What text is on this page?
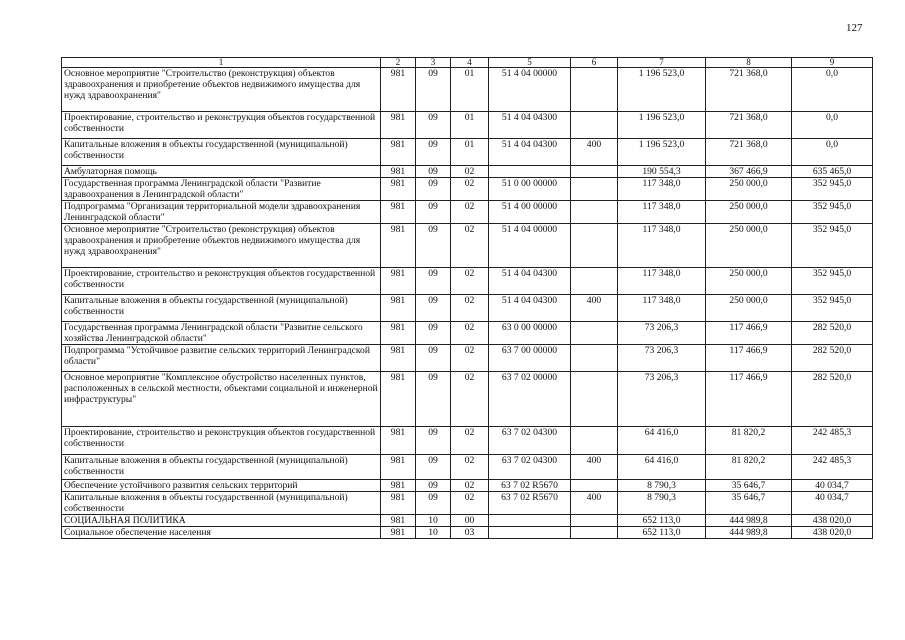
127
1	2	3	4	5	6	7	8	9
Основное мероприятие "Строительство (реконструкция) объектов здравоохранения и приобретение объектов недвижимого имущества для нужд здравоохранения"	981	09	01	51 4 04 00000		1 196 523,0	721 368,0	0,0
Проектирование, строительство и реконструкция объектов государственной собственности	981	09	01	51 4 04 04300		1 196 523,0	721 368,0	0,0
Капитальные вложения в объекты государственной (муниципальной) собственности	981	09	01	51 4 04 04300	400	1 196 523,0	721 368,0	0,0
Амбулаторная помощь	981	09	02			190 554,3	367 466,9	635 465,0
Государственная программа Ленинградской области "Развитие здравоохранения в Ленинградской области"	981	09	02	51 0 00 00000		117 348,0	250 000,0	352 945,0
Подпрограмма "Организация территориальной модели здравоохранения Ленинградской области"	981	09	02	51 4 00 00000		117 348,0	250 000,0	352 945,0
Основное мероприятие "Строительство (реконструкция) объектов здравоохранения и приобретение объектов недвижимого имущества для нужд здравоохранения"	981	09	02	51 4 04 00000		117 348,0	250 000,0	352 945,0
Проектирование, строительство и реконструкция объектов государственной собственности	981	09	02	51 4 04 04300		117 348,0	250 000,0	352 945,0
Капитальные вложения в объекты государственной (муниципальной) собственности	981	09	02	51 4 04 04300	400	117 348,0	250 000,0	352 945,0
Государственная программа Ленинградской области "Развитие сельского хозяйства Ленинградской области"	981	09	02	63 0 00 00000		73 206,3	117 466,9	282 520,0
Подпрограмма "Устойчивое развитие сельских территорий Ленинградской области"	981	09	02	63 7 00 00000		73 206,3	117 466,9	282 520,0
Основное мероприятие "Комплексное обустройство населенных пунктов, расположенных в сельской местности, объектами социальной и инженерной инфраструктуры"	981	09	02	63 7 02 00000		73 206,3	117 466,9	282 520,0
Проектирование, строительство и реконструкция объектов государственной собственности	981	09	02	63 7 02 04300		64 416,0	81 820,2	242 485,3
Капитальные вложения в объекты государственной (муниципальной) собственности	981	09	02	63 7 02 04300	400	64 416,0	81 820,2	242 485,3
Обеспечение устойчивого развития сельских территорий	981	09	02	63 7 02 R5670		8 790,3	35 646,7	40 034,7
Капитальные вложения в объекты государственной (муниципальной) собственности	981	09	02	63 7 02 R5670	400	8 790,3	35 646,7	40 034,7
СОЦИАЛЬНАЯ ПОЛИТИКА	981	10	00			652 113,0	444 989,8	438 020,0
Социальное обеспечение населения	981	10	03			652 113,0	444 989,8	438 020,0
